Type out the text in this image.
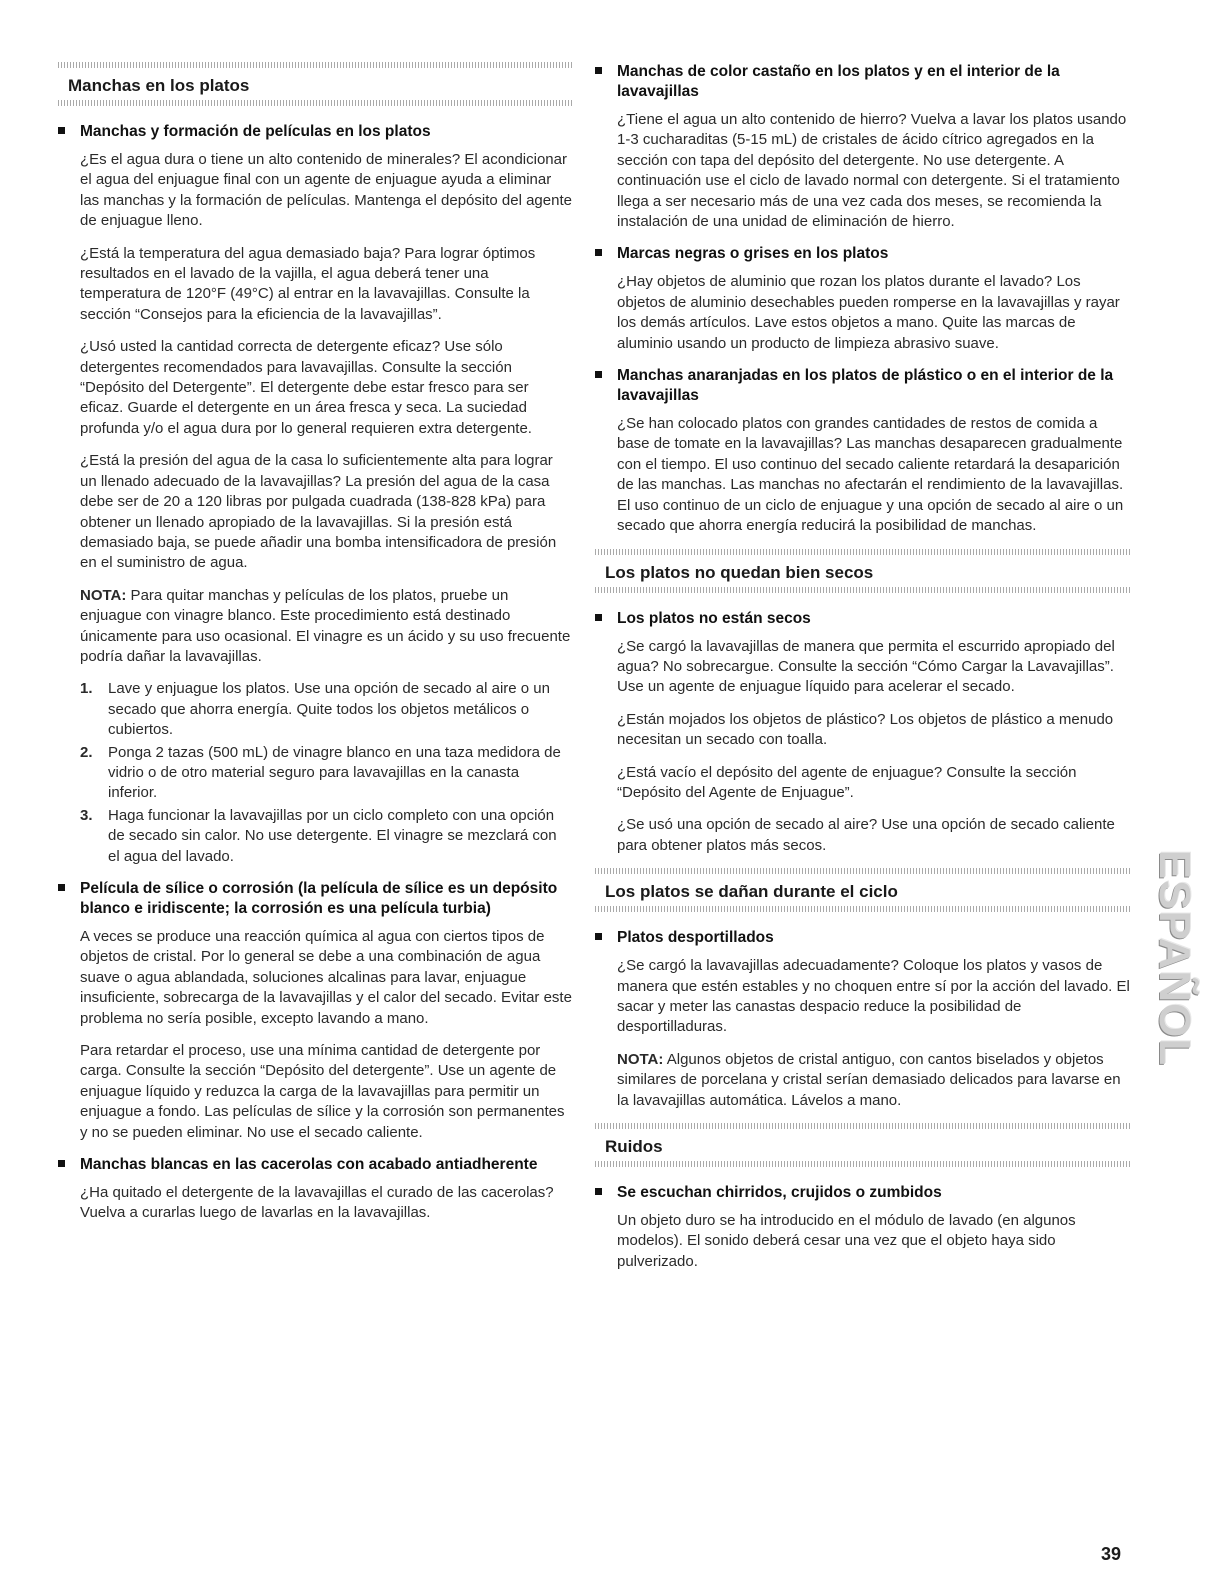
Manchas en los platos
Manchas y formación de películas en los platos

¿Es el agua dura o tiene un alto contenido de minerales? El acondicionar el agua del enjuague final con un agente de enjuague ayuda a eliminar las manchas y la formación de películas. Mantenga el depósito del agente de enjuague lleno.

¿Está la temperatura del agua demasiado baja? Para lograr óptimos resultados en el lavado de la vajilla, el agua deberá tener una temperatura de 120°F (49°C) al entrar en la lavavajillas. Consulte la sección “Consejos para la eficiencia de la lavavajillas”.

¿Usó usted la cantidad correcta de detergente eficaz? Use sólo detergentes recomendados para lavavajillas. Consulte la sección “Depósito del Detergente”. El detergente debe estar fresco para ser eficaz. Guarde el detergente en un área fresca y seca. La suciedad profunda y/o el agua dura por lo general requieren extra detergente.

¿Está la presión del agua de la casa lo suficientemente alta para lograr un llenado adecuado de la lavavajillas? La presión del agua de la casa debe ser de 20 a 120 libras por pulgada cuadrada (138-828 kPa) para obtener un llenado apropiado de la lavavajillas. Si la presión está demasiado baja, se puede añadir una bomba intensificadora de presión en el suministro de agua.

NOTA: Para quitar manchas y películas de los platos, pruebe un enjuague con vinagre blanco. Este procedimiento está destinado únicamente para uso ocasional. El vinagre es un ácido y su uso frecuente podría dañar la lavavajillas.

1. Lave y enjuague los platos. Use una opción de secado al aire o un secado que ahorra energía. Quite todos los objetos metálicos o cubiertos.
2. Ponga 2 tazas (500 mL) de vinagre blanco en una taza medidora de vidrio o de otro material seguro para lavavajillas en la canasta inferior.
3. Haga funcionar la lavavajillas por un ciclo completo con una opción de secado sin calor. No use detergente. El vinagre se mezclará con el agua del lavado.
Película de sílice o corrosión (la película de sílice es un depósito blanco e iridiscente; la corrosión es una película turbia)

A veces se produce una reacción química al agua con ciertos tipos de objetos de cristal. Por lo general se debe a una combinación de agua suave o agua ablandada, soluciones alcalinas para lavar, enjuague insuficiente, sobrecarga de la lavavajillas y el calor del secado. Evitar este problema no sería posible, excepto lavando a mano.

Para retardar el proceso, use una mínima cantidad de detergente por carga. Consulte la sección “Depósito del detergente”. Use un agente de enjuague líquido y reduzca la carga de la lavavajillas para permitir un enjuague a fondo. Las películas de sílice y la corrosión son permanentes y no se pueden eliminar. No use el secado caliente.

Manchas blancas en las cacerolas con acabado antiadherente

¿Ha quitado el detergente de la lavavajillas el curado de las cacerolas? Vuelva a curarlas luego de lavarlas en la lavavajillas.

Manchas de color castaño en los platos y en el interior de la lavavajillas

¿Tiene el agua un alto contenido de hierro? Vuelva a lavar los platos usando 1-3 cucharaditas (5-15 mL) de cristales de ácido cítrico agregados en la sección con tapa del depósito del detergente. No use detergente. A continuación use el ciclo de lavado normal con detergente. Si el tratamiento llega a ser necesario más de una vez cada dos meses, se recomienda la instalación de una unidad de eliminación de hierro.

Marcas negras o grises en los platos

¿Hay objetos de aluminio que rozan los platos durante el lavado? Los objetos de aluminio desechables pueden romperse en la lavavajillas y rayar los demás artículos. Lave estos objetos a mano. Quite las marcas de aluminio usando un producto de limpieza abrasivo suave.

Manchas anaranjadas en los platos de plástico o en el interior de la lavavajillas

¿Se han colocado platos con grandes cantidades de restos de comida a base de tomate en la lavavajillas? Las manchas desaparecen gradualmente con el tiempo. El uso continuo del secado caliente retardará la desaparición de las manchas. Las manchas no afectarán el rendimiento de la lavavajillas. El uso continuo de un ciclo de enjuague y una opción de secado al aire o un secado que ahorra energía reducirá la posibilidad de manchas.

Los platos no quedan bien secos
Los platos no están secos

¿Se cargó la lavavajillas de manera que permita el escurrido apropiado del agua? No sobrecargue. Consulte la sección “Cómo Cargar la Lavavajillas”. Use un agente de enjuague líquido para acelerar el secado.

¿Están mojados los objetos de plástico? Los objetos de plástico a menudo necesitan un secado con toalla.

¿Está vacío el depósito del agente de enjuague? Consulte la sección “Depósito del Agente de Enjuague”.

¿Se usó una opción de secado al aire? Use una opción de secado caliente para obtener platos más secos.

Los platos se dañan durante el ciclo
Platos desportillados

¿Se cargó la lavavajillas adecuadamente? Coloque los platos y vasos de manera que estén estables y no choquen entre sí por la acción del lavado. El sacar y meter las canastas despacio reduce la posibilidad de desportilladuras.

NOTA: Algunos objetos de cristal antiguo, con cantos biselados y objetos similares de porcelana y cristal serían demasiado delicados para lavarse en la lavavajillas automática. Lávelos a mano.

Ruidos
Se escuchan chirridos, crujidos o zumbidos

Un objeto duro se ha introducido en el módulo de lavado (en algunos modelos). El sonido deberá cesar una vez que el objeto haya sido pulverizado.

ESPAÑOL
39
